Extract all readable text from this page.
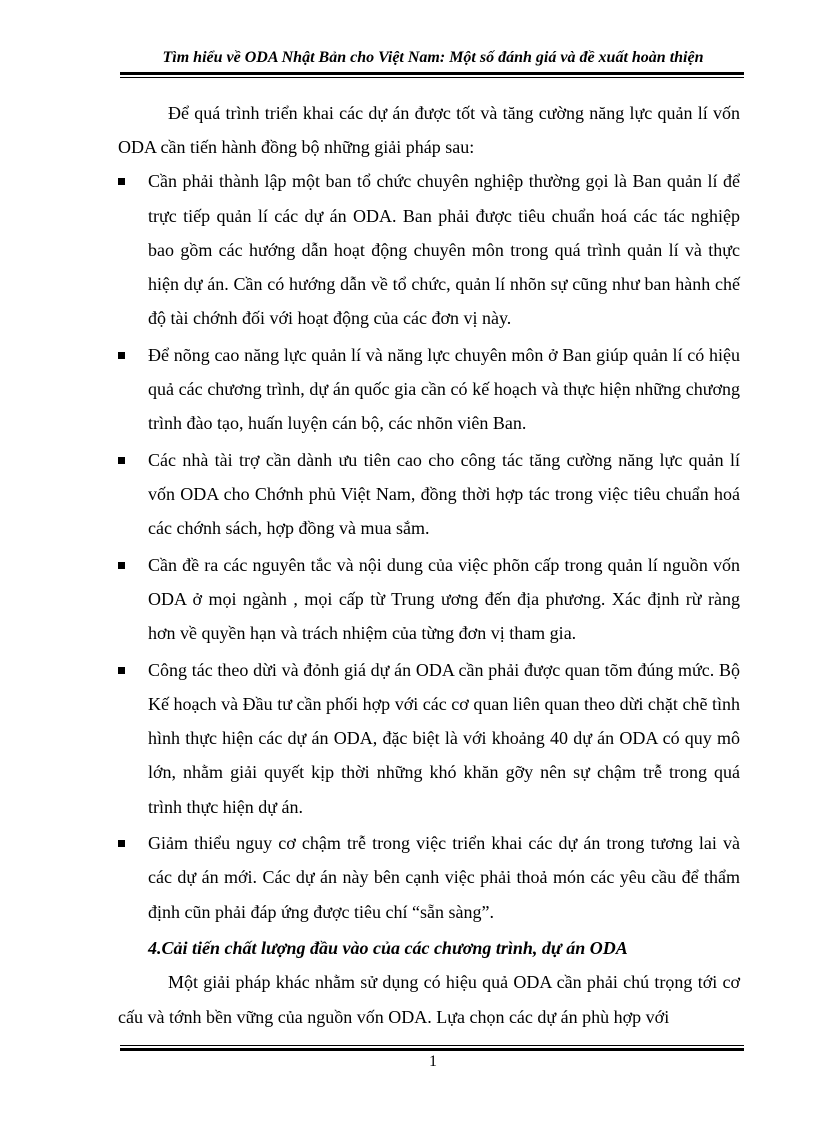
Tìm hiểu về ODA Nhật Bản cho Việt Nam: Một số đánh giá và đề xuất hoàn thiện

Để quá trình triển khai các dự án được tốt và tăng cường năng lực quản lí vốn ODA cần tiến hành đồng bộ những giải pháp sau:

Cần phải thành lập một ban tổ chức chuyên nghiệp thường gọi là Ban quản lí để trực tiếp quản lí các dự án ODA. Ban phải được tiêu chuẩn hoá các tác nghiệp bao gồm các hướng dẫn hoạt động chuyên môn trong quá trình quản lí và thực hiện dự án. Cần có hướng dẫn về tổ chức, quản lí nhõn sự cũng như ban hành chế độ tài chớnh đối với hoạt động của các đơn vị này.
Để nõng cao năng lực quản lí và năng lực chuyên môn ở Ban giúp quản lí có hiệu quả các chương trình, dự án quốc gia cần có kế hoạch và thực hiện những chương trình đào tạo, huấn luyện cán bộ, các nhõn viên Ban.
Các nhà tài trợ cần dành ưu tiên cao cho công tác tăng cường năng lực quản lí vốn ODA cho Chớnh phủ Việt Nam, đồng thời hợp tác trong việc tiêu chuẩn hoá các chớnh sách, hợp đồng và mua sắm.
Cần đề ra các nguyên tắc và nội dung của việc phõn cấp trong quản lí nguồn vốn ODA ở mọi ngành , mọi cấp từ Trung ương đến địa phương. Xác định rừ ràng hơn về quyền hạn và trách nhiệm của từng đơn vị tham gia.
Công tác theo dừi và đỏnh giá dự án ODA cần phải được quan tõm đúng mức. Bộ Kế hoạch và Đầu tư cần phối hợp với các cơ quan liên quan theo dừi chặt chẽ tình hình thực hiện các dự án ODA, đặc biệt là với khoảng 40 dự án ODA có quy mô lớn, nhằm giải quyết kịp thời những khó khăn gỡy nên sự chậm trễ trong quá trình thực hiện dự án.
Giảm thiểu nguy cơ chậm trễ trong việc triển khai các dự án trong tương lai và các dự án mới. Các dự án này bên cạnh việc phải thoả món các yêu cầu để thẩm định cũn phải đáp ứng được tiêu chí “sẵn sàng”.

4.Cải tiến chất lượng đầu vào của các chương trình, dự án ODA

Một giải pháp khác nhằm sử dụng có hiệu quả ODA cần phải chú trọng tới cơ cấu và tớnh bền vững của nguồn vốn ODA. Lựa chọn các dự án phù hợp với

1
